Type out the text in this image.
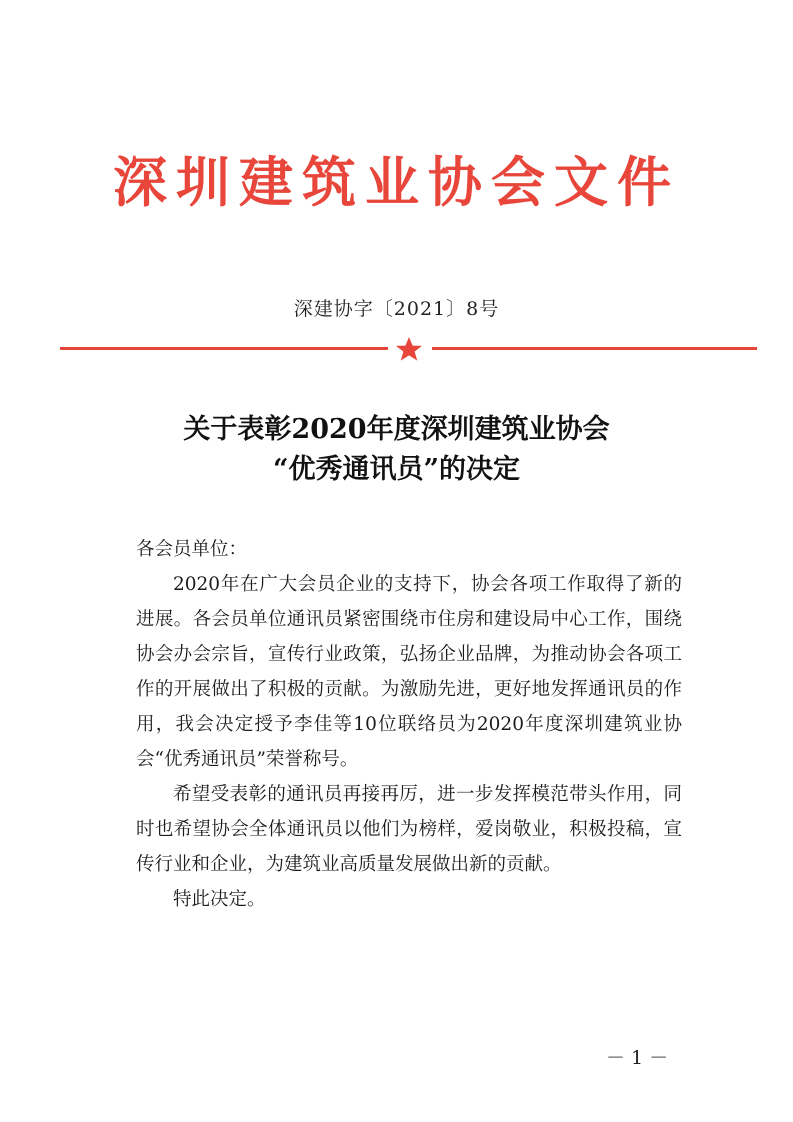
深圳建筑业协会文件
深建协字〔2021〕8号
关于表彰2020年度深圳建筑业协会
“优秀通讯员”的决定

各会员单位：

2020年在广大会员企业的支持下，协会各项工作取得了新的进展。各会员单位通讯员紧密围绕市住房和建设局中心工作，围绕协会办会宗旨，宣传行业政策，弘扬企业品牌，为推动协会各项工作的开展做出了积极的贡献。为激励先进，更好地发挥通讯员的作用，我会决定授予李佳等10位联络员为2020年度深圳建筑业协会“优秀通讯员”荣誉称号。

希望受表彰的通讯员再接再厉，进一步发挥模范带头作用，同时也希望协会全体通讯员以他们为榜样，爱岗敬业，积极投稿，宣传行业和企业，为建筑业高质量发展做出新的贡献。

特此决定。

－ 1 －
